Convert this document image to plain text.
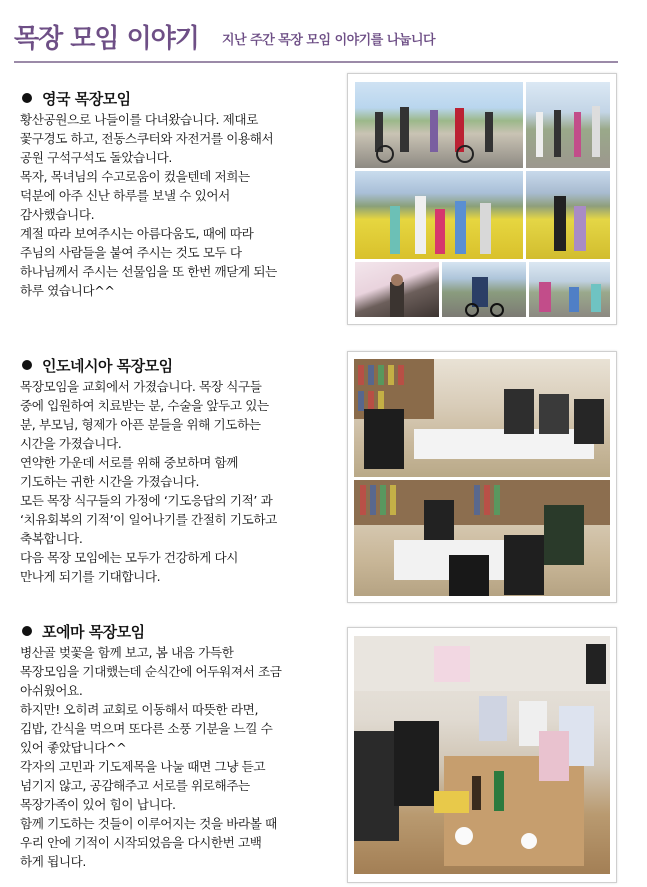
목장 모임 이야기 지난 주간 목장 모임 이야기를 나눕니다
영국 목장모임

황산공원으로 나들이를 다녀왔습니다. 제대로

꽃구경도 하고, 전동스쿠터와 자전거를 이용해서

공원 구석구석도 돌았습니다.

목자, 목녀님의 수고로움이 컸을텐데 저희는

덕분에 아주 신난 하루를 보낼 수 있어서

감사했습니다.

계절 따라 보여주시는 아름다움도, 때에 따라

주님의 사람들을 붙여 주시는 것도 모두 다

하나님께서 주시는 선물임을 또 한번 깨닫게 되는

하루 였습니다^^

인도네시아 목장모임

목장모임을 교회에서 가졌습니다. 목장 식구들

중에 입원하여 치료받는 분, 수술을 앞두고 있는

분, 부모님, 형제가 아픈 분들을 위해 기도하는

시간을 가졌습니다.

연약한 가운데 서로를 위해 중보하며 함께

기도하는 귀한 시간을 가졌습니다.

모든 목장 식구들의 가정에 ‘기도응답의 기적’ 과

‘치유회복의 기적’이 일어나기를 간절히 기도하고

축복합니다.

다음 목장 모임에는 모두가 건강하게 다시

만나게 되기를 기대합니다.

포에마 목장모임

병산골 벚꽃을 함께 보고, 봄 내음 가득한

목장모임을 기대했는데 순식간에 어두워져서 조금

아쉬웠어요.

하지만! 오히려 교회로 이동해서 따뜻한 라면,

김밥, 간식을 먹으며 또다른 소풍 기분을 느낄 수

있어 좋았답니다^^

각자의 고민과 기도제목을 나눌 때면 그냥 듣고

넘기지 않고, 공감해주고 서로를 위로해주는

목장가족이 있어 힘이 납니다.

함께 기도하는 것들이 이루어지는 것을 바라볼 때

우리 안에 기적이 시작되었음을 다시한번 고백

하게 됩니다.
